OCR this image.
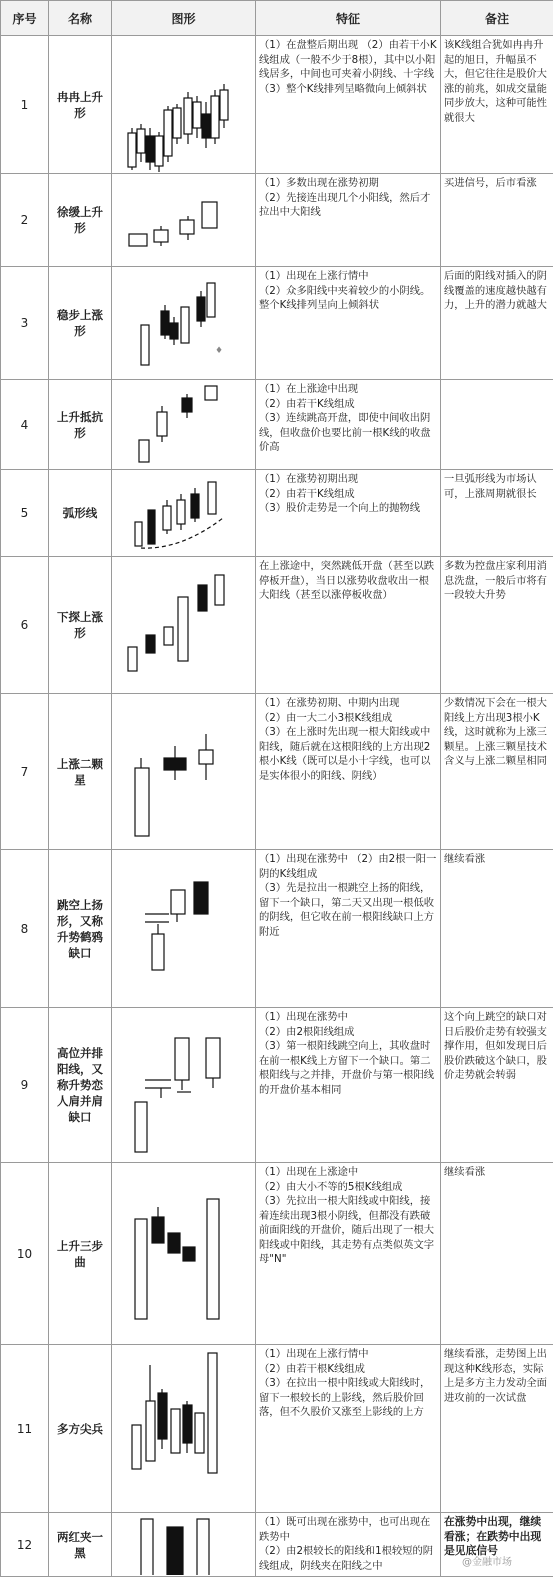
序号	名称	图形	特征	备注
1	冉冉上升形		（1）在盘整后期出现 （2）由若干小K线组成（一般不少于8根），其中以小阳线居多，中间也可夹着小阴线、十字线
（3）整个K线排列呈略微向上倾斜状	该K线组合犹如冉冉升起的旭日，升幅虽不大，但它往往是股价大涨的前兆，如成交量能同步放大，这种可能性就很大
2	徐缓上升形		（1）多数出现在涨势初期
（2）先接连出现几个小阳线，然后才拉出中大阳线	买进信号，后市看涨
3	稳步上涨形	♦	（1）出现在上涨行情中
（2）众多阳线中夹着较少的小阴线。整个K线排列呈向上倾斜状	后面的阳线对插入的阴线覆盖的速度越快越有力，上升的潜力就越大
4	上升抵抗形		（1）在上涨途中出现
（2）由若干K线组成
（3）连续跳高开盘，即使中间收出阴线，但收盘价也要比前一根K线的收盘价高	

5	弧形线		（1）在涨势初期出现
（2）由若干K线组成
（3）股价走势是一个向上的抛物线	一旦弧形线为市场认可，上涨周期就很长
6	下探上涨形		在上涨途中，突然跳低开盘（甚至以跌停板开盘），当日以涨势收盘收出一根大阳线（甚至以涨停板收盘）	多数为控盘庄家利用消息洗盘，一般后市将有一段较大升势
7	上涨二颗星		（1）在涨势初期、中期内出现
（2）由一大二小3根K线组成
（3）在上涨时先出现一根大阳线或中阳线，随后就在这根阳线的上方出现2根小K线（既可以是小十字线，也可以是实体很小的阳线、阴线）	少数情况下会在一根大阳线上方出现3根小K线，这时就称为上涨三颗星。上涨三颗星技术含义与上涨二颗星相同
8	跳空上扬形，又称升势鹤鸦缺口		（1）出现在涨势中 （2）由2根一阳一阴的K线组成
（3）先是拉出一根跳空上扬的阳线，留下一个缺口，第二天又出现一根低收的阴线，但它收在前一根阳线缺口上方附近	继续看涨
9	高位并排阳线，又称升势恋人肩并肩缺口		（1）出现在涨势中
（2）由2根阳线组成
（3）第一根阳线跳空向上，其收盘时在前一根K线上方留下一个缺口。第二根阳线与之并排，开盘价与第一根阳线的开盘价基本相同	这个向上跳空的缺口对日后股价走势有较强支撑作用，但如发现日后股价跌破这个缺口，股价走势就会转弱
10	上升三步曲		（1）出现在上涨途中
（2）由大小不等的5根K线组成
（3）先拉出一根大阳线或中阳线，接着连续出现3根小阴线，但都没有跌破前面阳线的开盘价，随后出现了一根大阳线或中阳线，其走势有点类似英文字母"N"	继续看涨
11	多方尖兵		（1）出现在上涨行情中
（2）由若干根K线组成
（3）在拉出一根中阳线或大阳线时，留下一根较长的上影线，然后股价回落，但不久股价又涨至上影线的上方	继续看涨，走势图上出现这种K线形态，实际上是多方主力发动全面进攻前的一次试盘
12	两红夹一黑		（1）既可出现在涨势中，也可出现在跌势中
（2）由2根较长的阳线和1根较短的阴线组成，阴线夹在阳线之中	在涨势中出现，继续看涨；在跌势中出现是见底信号
@金融市场
